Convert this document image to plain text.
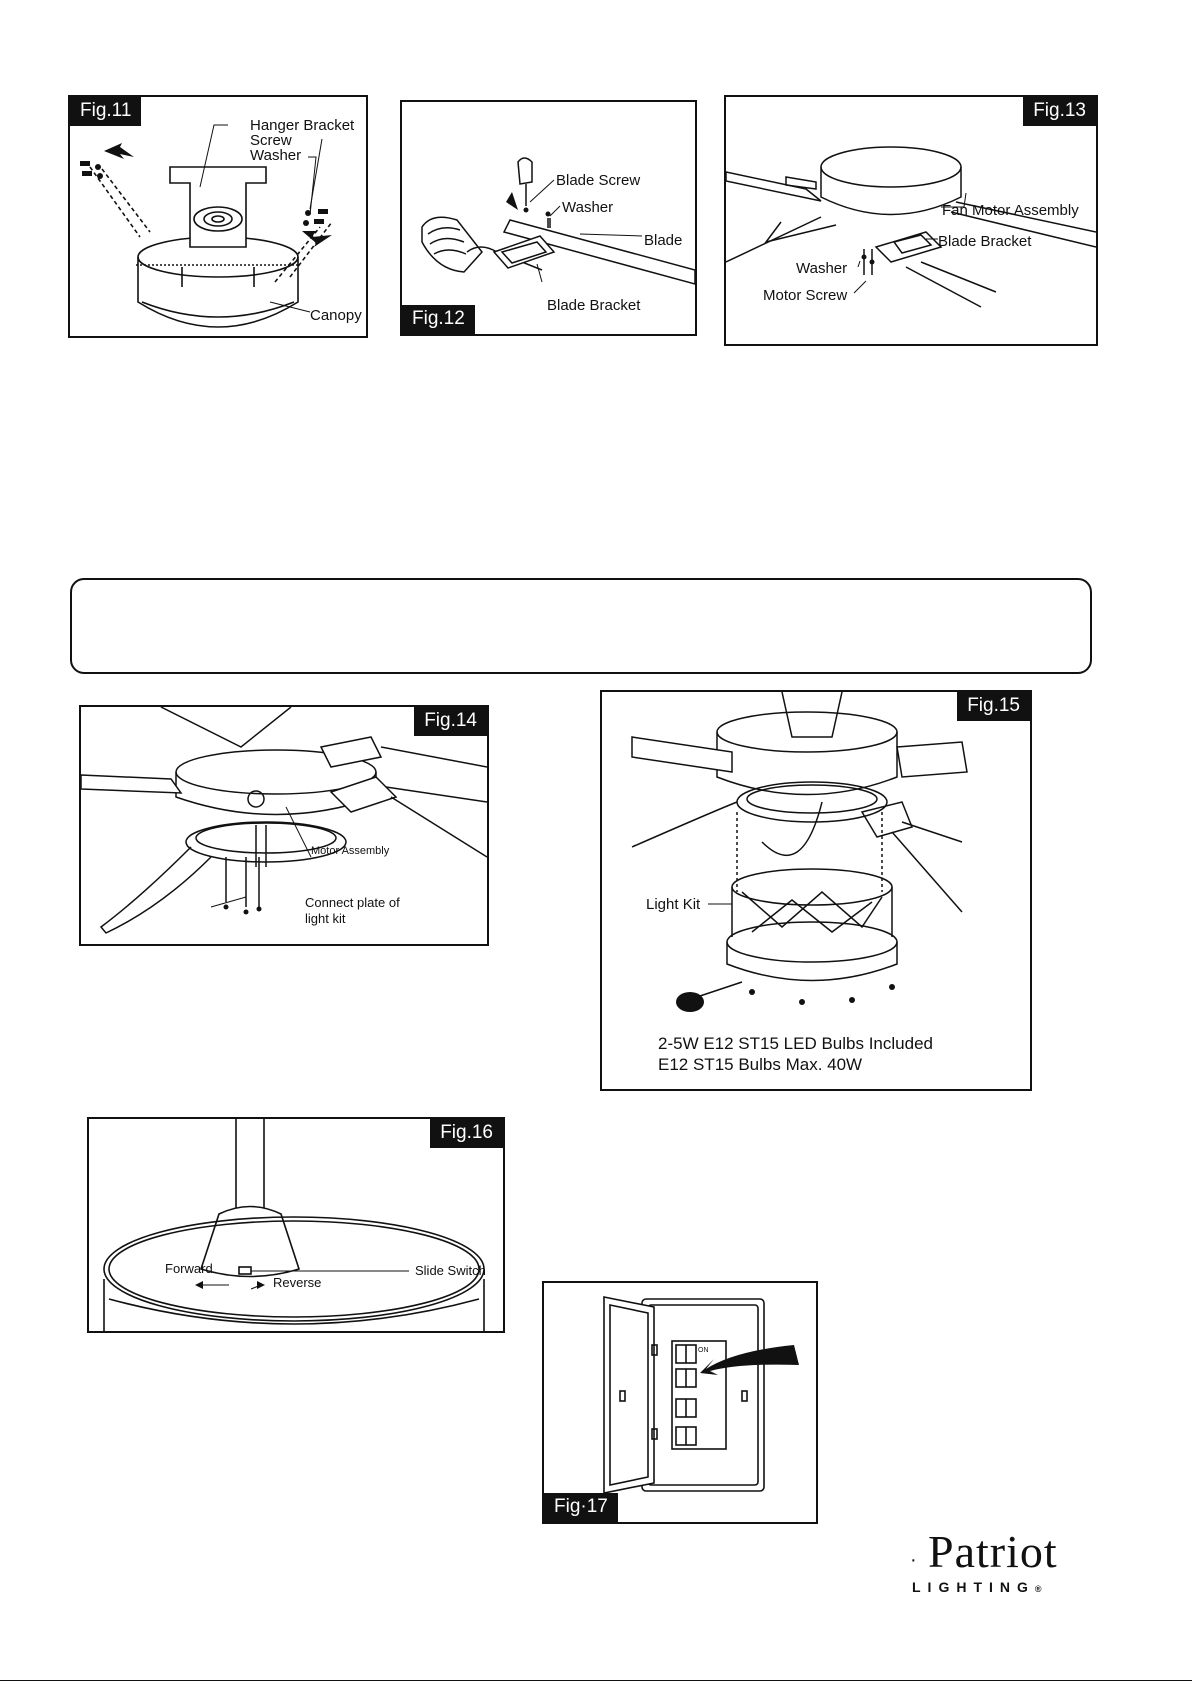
Fig.11
Hanger Bracket
Screw
Washer
Canopy
Blade Screw
Washer
Blade
Blade Bracket
Fig.12
Fig.13
Fan Motor Assembly
Blade Bracket
Washer
Motor Screw
Fig.14
Motor Assembly
Connect plate of
light kit
Fig.15
Light Kit
2-5W E12 ST15 LED Bulbs Included
E12 ST15 Bulbs Max. 40W
Fig.16
Forward
Reverse
Slide Switch
Fig·17
ON
· Patriot
LIGHTING®
